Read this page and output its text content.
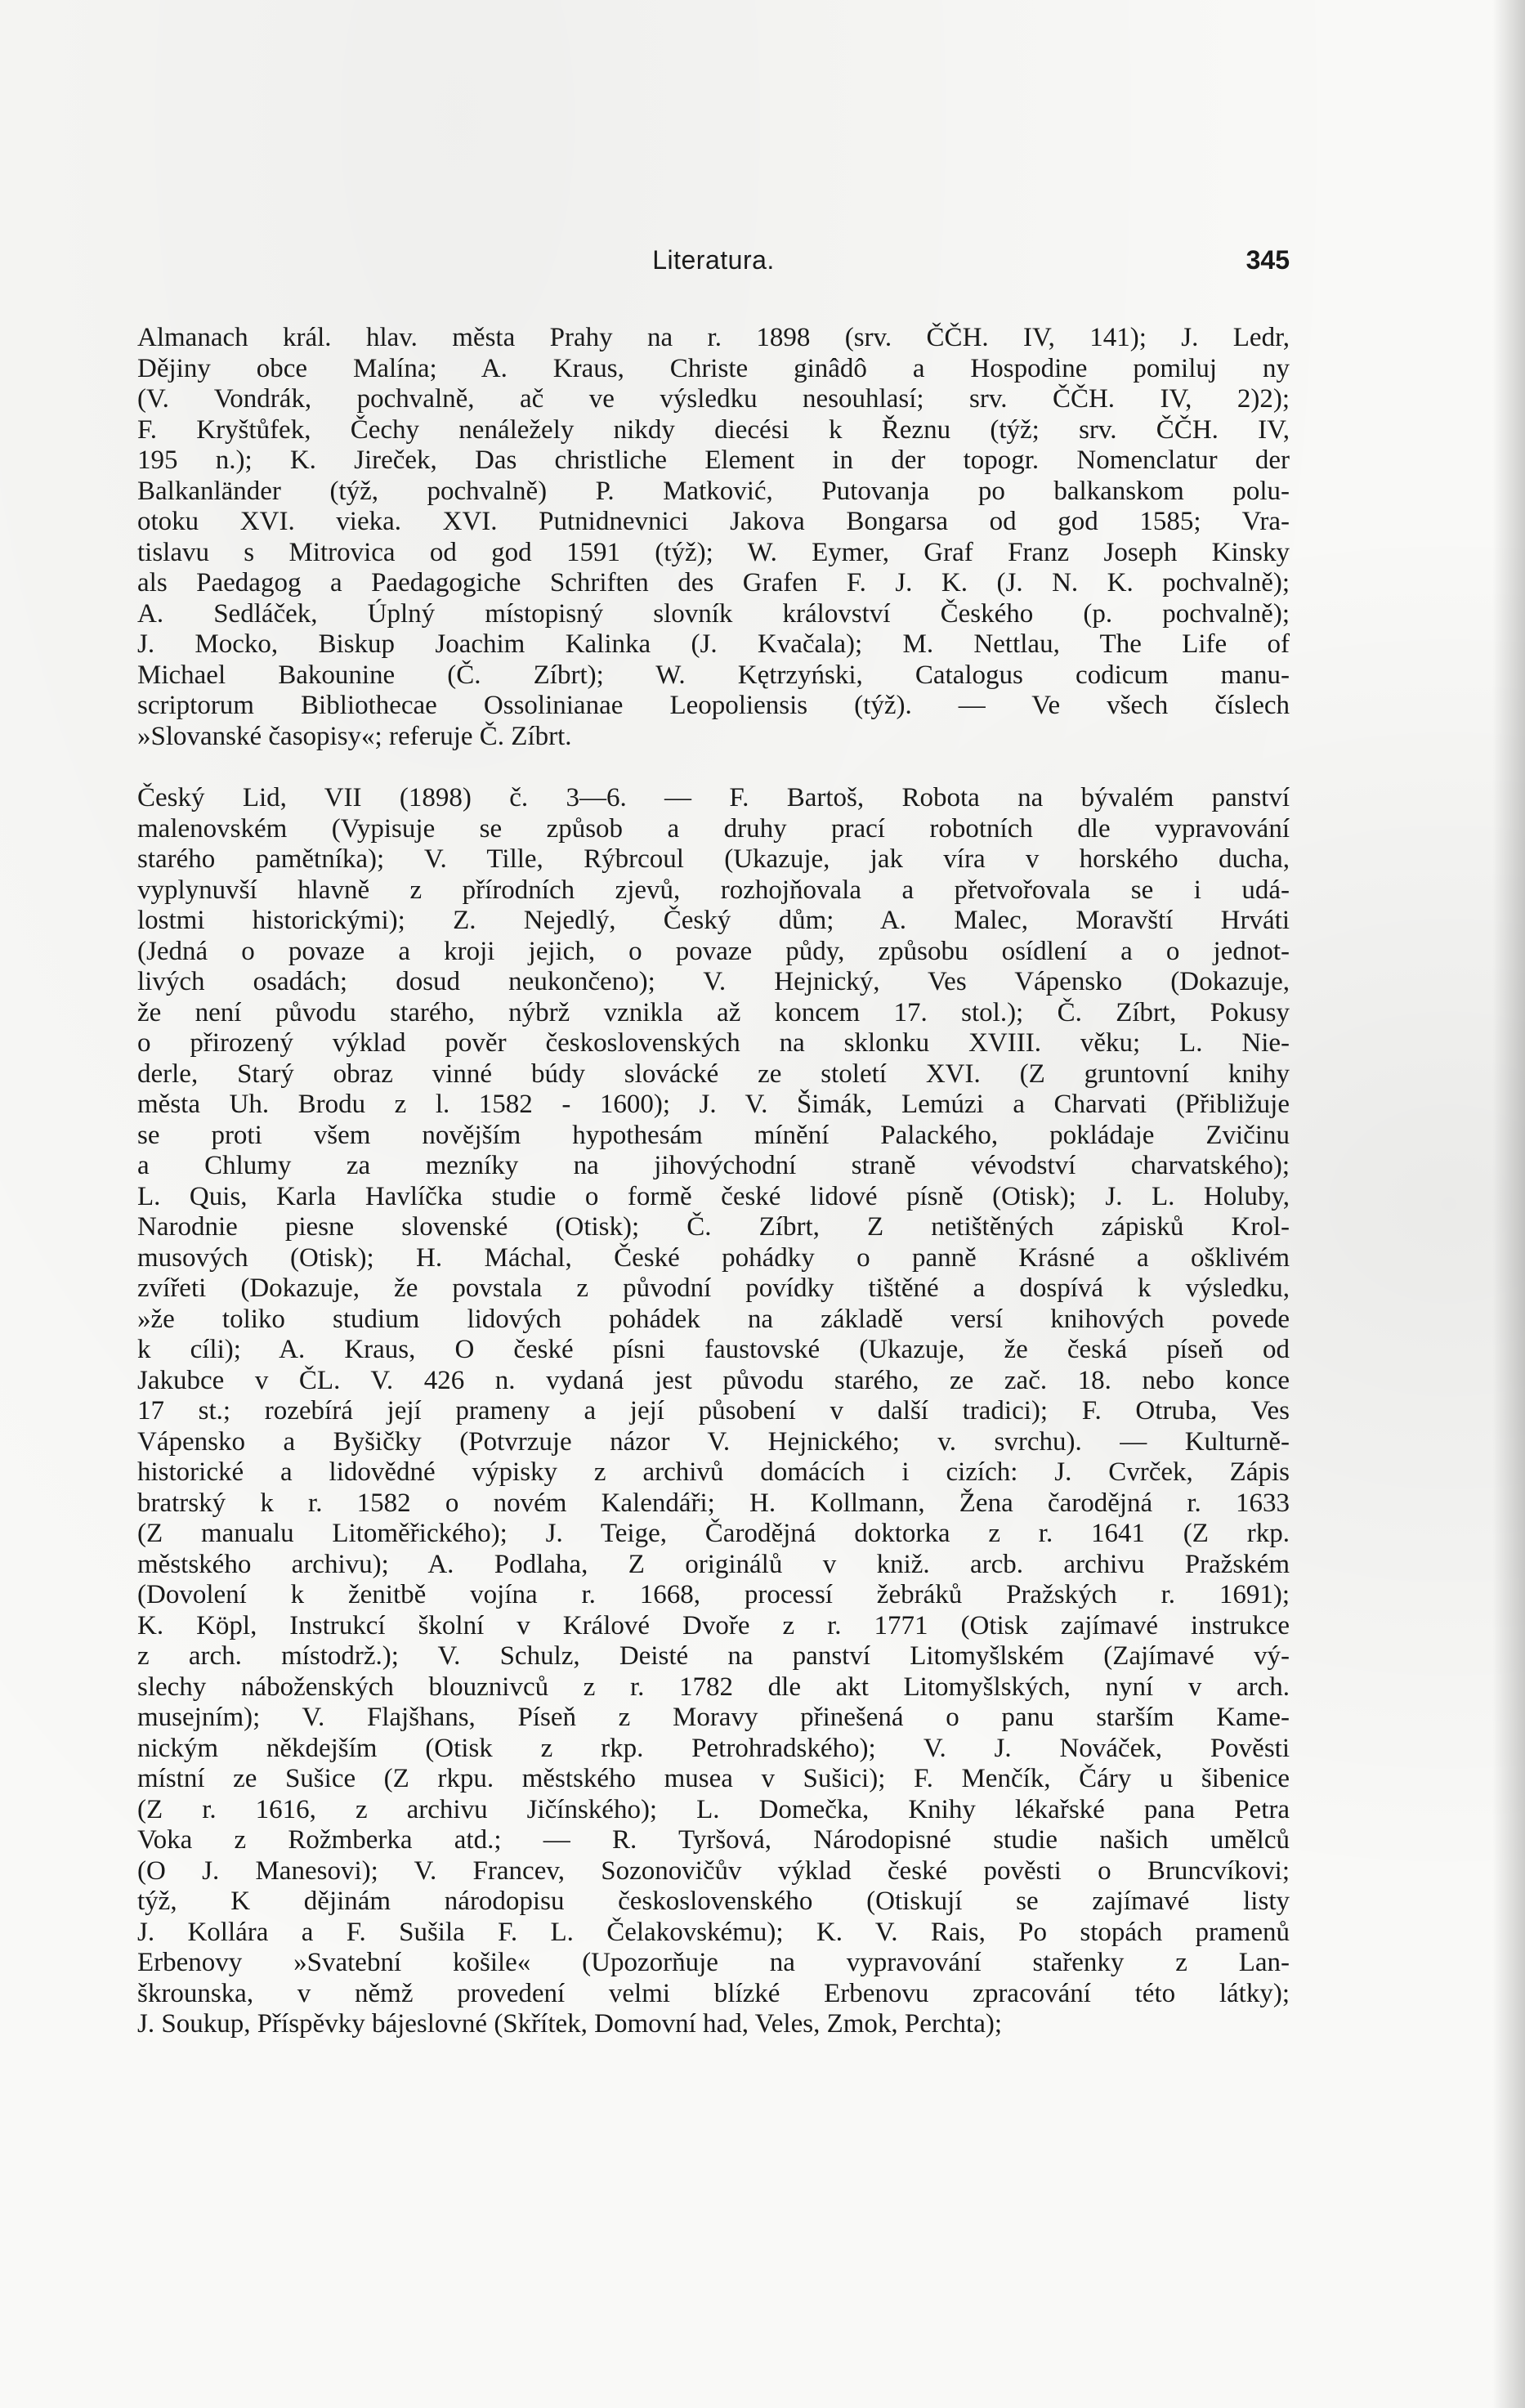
Literatura.	345
Almanach král. hlav. města Prahy na r. 1898 (srv. ČČH. IV, 141); J. Ledr,
Dějiny obce Malína; A. Kraus, Christe ginâdô a Hospodine pomiluj ny
(V. Vondrák, pochvalně, ač ve výsledku nesouhlasí; srv. ČČH. IV, 2)2);
F. Kryštůfek, Čechy nenáležely nikdy diecési k Řeznu (týž; srv. ČČH. IV,
195 n.); K. Jireček, Das christliche Element in der topogr. Nomenclatur der
Balkanländer (týž, pochvalně) P. Matković, Putovanja po balkanskom polu-
otoku XVI. vieka. XVI. Putnidnevnici Jakova Bongarsa od god 1585; Vra-
tislavu s Mitrovica od god 1591 (týž); W. Eymer, Graf Franz Joseph Kinsky
als Paedagog a Paedagogiche Schriften des Grafen F. J. K. (J. N. K. pochvalně);
A. Sedláček, Úplný místopisný slovník království Českého (p. pochvalně);
J. Mocko, Biskup Joachim Kalinka (J. Kvačala); M. Nettlau, The Life of
Michael Bakounine (Č. Zíbrt); W. Kętrzyński, Catalogus codicum manu-
scriptorum Bibliothecae Ossolinianae Leopoliensis (týž). — Ve všech číslech
»Slovanské časopisy«; referuje Č. Zíbrt.
Český Lid, VII (1898) č. 3—6. — F. Bartoš, Robota na bývalém panství
malenovském (Vypisuje se způsob a druhy prací robotních dle vypravování
starého pamětníka); V. Tille, Rýbrcoul (Ukazuje, jak víra v horského ducha,
vyplynuvší hlavně z přírodních zjevů, rozhojňovala a přetvořovala se i udá-
lostmi historickými); Z. Nejedlý, Český dům; A. Malec, Moravští Hrváti
(Jedná o povaze a kroji jejich, o povaze půdy, způsobu osídlení a o jednot-
livých osadách; dosud neukončeno); V. Hejnický, Ves Vápensko (Dokazuje,
že není původu starého, nýbrž vznikla až koncem 17. stol.); Č. Zíbrt, Pokusy
o přirozený výklad pověr československých na sklonku XVIII. věku; L. Nie-
derle, Starý obraz vinné búdy slovácké ze století XVI. (Z gruntovní knihy
města Uh. Brodu z l. 1582 - 1600); J. V. Šimák, Lemúzi a Charvati (Přibližuje
se proti všem novějším hypothesám mínění Palackého, pokládaje Zvičinu
a Chlumy za mezníky na jihovýchodní straně vévodství charvatského);
L. Quis, Karla Havlíčka studie o formě české lidové písně (Otisk); J. L. Holuby,
Narodnie piesne slovenské (Otisk); Č. Zíbrt, Z netištěných zápisků Krol-
musových (Otisk); H. Máchal, České pohádky o panně Krásné a ošklivém
zvířeti (Dokazuje, že povstala z původní povídky tištěné a dospívá k výsledku,
»že toliko studium lidových pohádek na základě versí knihových povede
k cíli); A. Kraus, O české písni faustovské (Ukazuje, že česká píseň od
Jakubce v ČL. V. 426 n. vydaná jest původu starého, ze zač. 18. nebo konce
17 st.; rozebírá její prameny a její působení v další tradici); F. Otruba, Ves
Vápensko a Byšičky (Potvrzuje názor V. Hejnického; v. svrchu). — Kulturně-
historické a lidovědné výpisky z archivů domácích i cizích: J. Cvrček, Zápis
bratrský k r. 1582 o novém Kalendáři; H. Kollmann, Žena čarodějná r. 1633
(Z manualu Litoměřického); J. Teige, Čarodějná doktorka z r. 1641 (Z rkp.
městského archivu); A. Podlaha, Z originálů v kniž. arcb. archivu Pražském
(Dovolení k ženitbě vojína r. 1668, processí žebráků Pražských r. 1691);
K. Köpl, Instrukcí školní v Králové Dvoře z r. 1771 (Otisk zajímavé instrukce
z arch. místodrž.); V. Schulz, Deisté na panství Litomyšlském (Zajímavé vý-
slechy náboženských blouznivců z r. 1782 dle akt Litomyšlských, nyní v arch.
musejním); V. Flajšhans, Píseň z Moravy přinešená o panu starším Kame-
nickým někdejším (Otisk z rkp. Petrohradského); V. J. Nováček, Pověsti
místní ze Sušice (Z rkpu. městského musea v Sušici); F. Menčík, Čáry u šibenice
(Z r. 1616, z archivu Jičínského); L. Domečka, Knihy lékařské pana Petra
Voka z Rožmberka atd.; — R. Tyršová, Národopisné studie našich umělců
(O J. Manesovi); V. Francev, Sozonovičův výklad české pověsti o Bruncvíkovi;
týž, K dějinám národopisu československého (Otiskují se zajímavé listy
J. Kollára a F. Sušila F. L. Čelakovskému); K. V. Rais, Po stopách pramenů
Erbenovy »Svatební košile« (Upozorňuje na vypravování stařenky z Lan-
škrounska, v němž provedení velmi blízké Erbenovu zpracování této látky);
J. Soukup, Příspěvky bájeslovné (Skřítek, Domovní had, Veles, Zmok, Perchta);
